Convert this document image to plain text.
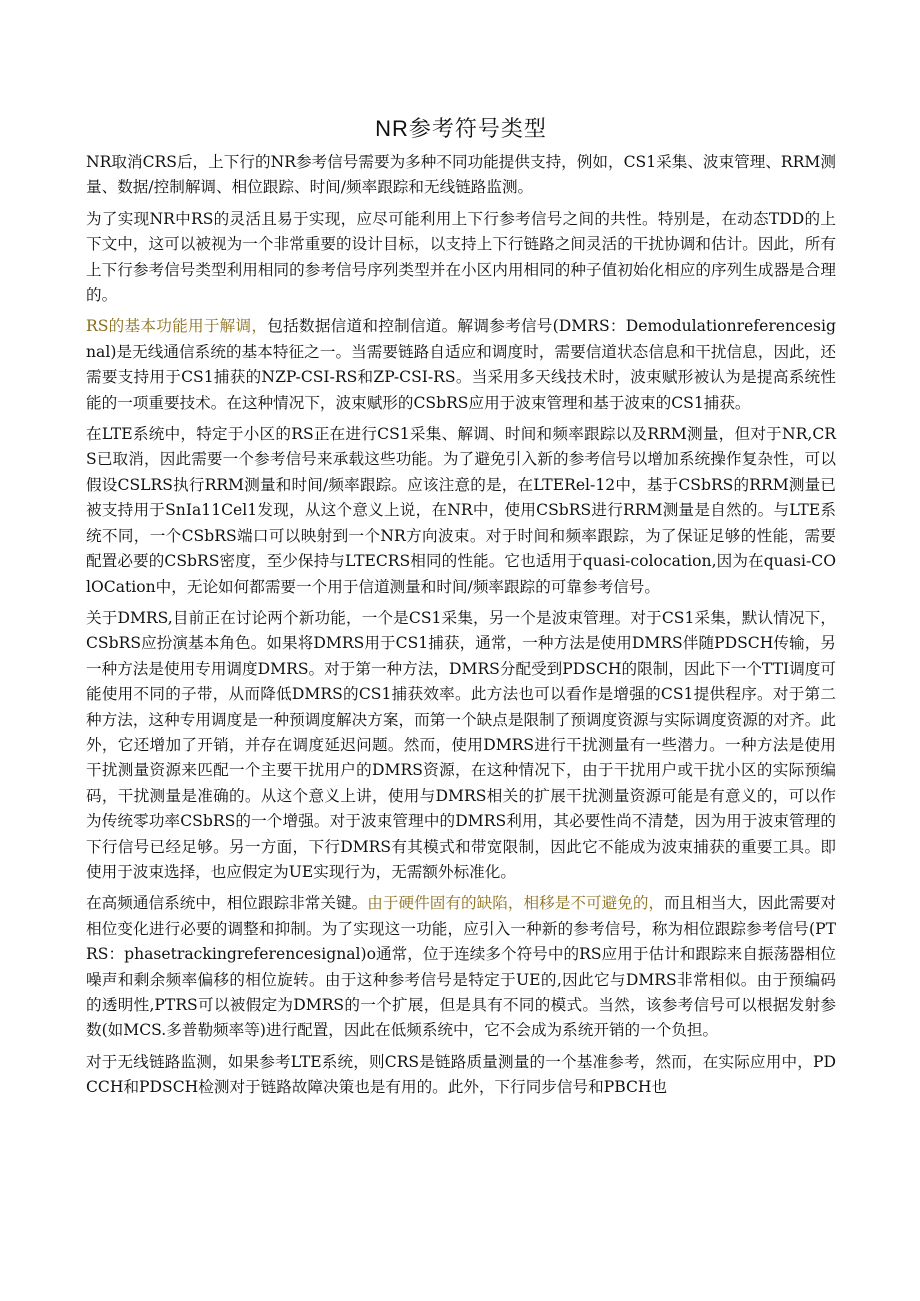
NR参考符号类型

NR取消CRS后，上下行的NR参考信号需要为多种不同功能提供支持，例如，CS1采集、波束管理、RRM测量、数据/控制解调、相位跟踪、时间/频率跟踪和无线链路监测。

为了实现NR中RS的灵活且易于实现，应尽可能利用上下行参考信号之间的共性。特别是，在动态TDD的上下文中，这可以被视为一个非常重要的设计目标，以支持上下行链路之间灵活的干扰协调和估计。因此，所有上下行参考信号类型利用相同的参考信号序列类型并在小区内用相同的种子值初始化相应的序列生成器是合理的。

RS的基本功能用于解调，包括数据信道和控制信道。解调参考信号(DMRS：Demodulationreferencesignal)是无线通信系统的基本特征之一。当需要链路自适应和调度时，需要信道状态信息和干扰信息，因此，还需要支持用于CS1捕获的NZP-CSI-RS和ZP-CSI-RS。当采用多天线技术时，波束赋形被认为是提高系统性能的一项重要技术。在这种情况下，波束赋形的CSbRS应用于波束管理和基于波束的CS1捕获。

在LTE系统中，特定于小区的RS正在进行CS1采集、解调、时间和频率跟踪以及RRM测量，但对于NR,CRS已取消，因此需要一个参考信号来承载这些功能。为了避免引入新的参考信号以增加系统操作复杂性，可以假设CSLRS执行RRM测量和时间/频率跟踪。应该注意的是，在LTERel-12中，基于CSbRS的RRM测量已被支持用于SnIa11Cel1发现，从这个意义上说，在NR中，使用CSbRS进行RRM测量是自然的。与LTE系统不同，一个CSbRS端口可以映射到一个NR方向波束。对于时间和频率跟踪，为了保证足够的性能，需要配置必要的CSbRS密度，至少保持与LTECRS相同的性能。它也适用于quasi-colocation,因为在quasi-COlOCation中，无论如何都需要一个用于信道测量和时间/频率跟踪的可靠参考信号。

关于DMRS,目前正在讨论两个新功能，一个是CS1采集，另一个是波束管理。对于CS1采集，默认情况下，CSbRS应扮演基本角色。如果将DMRS用于CS1捕获，通常，一种方法是使用DMRS伴随PDSCH传输，另一种方法是使用专用调度DMRS。对于第一种方法，DMRS分配受到PDSCH的限制，因此下一个TTI调度可能使用不同的子带，从而降低DMRS的CS1捕获效率。此方法也可以看作是增强的CS1提供程序。对于第二种方法，这种专用调度是一种预调度解决方案，而第一个缺点是限制了预调度资源与实际调度资源的对齐。此外，它还增加了开销，并存在调度延迟问题。然而，使用DMRS进行干扰测量有一些潜力。一种方法是使用干扰测量资源来匹配一个主要干扰用户的DMRS资源，在这种情况下，由于干扰用户或干扰小区的实际预编码，干扰测量是准确的。从这个意义上讲，使用与DMRS相关的扩展干扰测量资源可能是有意义的，可以作为传统零功率CSbRS的一个增强。对于波束管理中的DMRS利用，其必要性尚不清楚，因为用于波束管理的下行信号已经足够。另一方面，下行DMRS有其模式和带宽限制，因此它不能成为波束捕获的重要工具。即使用于波束选择，也应假定为UE实现行为，无需额外标准化。

在高频通信系统中，相位跟踪非常关键。由于硬件固有的缺陷，相移是不可避免的，而且相当大，因此需要对相位变化进行必要的调整和抑制。为了实现这一功能，应引入一种新的参考信号，称为相位跟踪参考信号(PTRS：phasetrackingreferencesignal)o通常，位于连续多个符号中的RS应用于估计和跟踪来自振荡器相位噪声和剩余频率偏移的相位旋转。由于这种参考信号是特定于UE的,因此它与DMRS非常相似。由于预编码的透明性,PTRS可以被假定为DMRS的一个扩展，但是具有不同的模式。当然，该参考信号可以根据发射参数(如MCS.多普勒频率等)进行配置，因此在低频系统中，它不会成为系统开销的一个负担。

对于无线链路监测，如果参考LTE系统，则CRS是链路质量测量的一个基准参考，然而，在实际应用中，PDCCH和PDSCH检测对于链路故障决策也是有用的。此外，下行同步信号和PBCH也
